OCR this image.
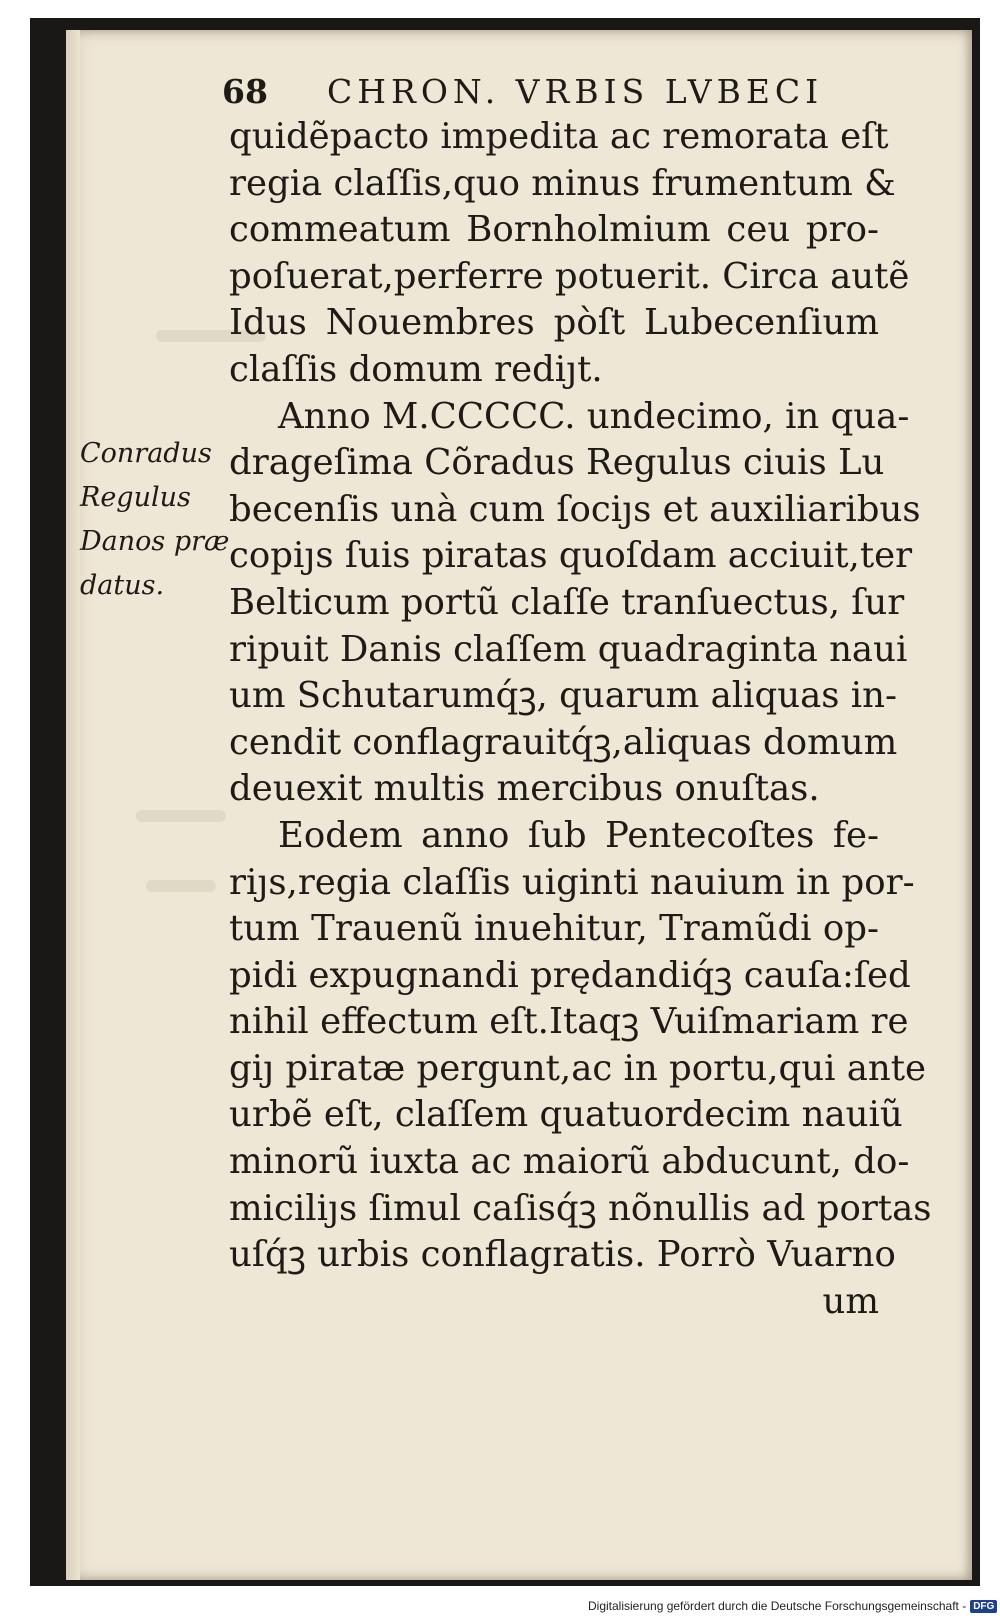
68 CHRON. VRBIS LVBECI
Conradus
Regulus
Danos præ
datus.
quidẽpacto impedita ac remorata eſt
regia claſſis,quo minus frumentum &
commeatum Bornholmium ceu pro-
poſuerat,perferre potuerit. Circa autẽ
Idus Nouembres pòſt Lubecenſium
claſſis domum rediȷt.
Anno M.CCCCC. undecimo, in qua-
drageſima Cõradus Regulus ciuis Lu
becenſis unà cum ſociȷs et auxiliaribus
copiȷs ſuis piratas quoſdam acciuit,ter
Belticum portũ claſſe tranſuectus, ſur
ripuit Danis claſſem quadraginta naui
um Schutarumq́ꝫ, quarum aliquas in-
cendit conflagrauitq́ꝫ,aliquas domum
deuexit multis mercibus onuſtas.
Eodem anno ſub Pentecoſtes fe-
riȷs,regia claſſis uiginti nauium in por-
tum Trauenũ inuehitur, Tramũdi op-
pidi expugnandi prędandiq́ꝫ cauſa:ſed
nihil effectum eſt.Itaqꝫ Vuiſmariam re
giȷ piratæ pergunt,ac in portu,qui ante
urbẽ eſt, claſſem quatuordecim nauiũ
minorũ iuxta ac maiorũ abducunt, do-
miciliȷs ſimul caſisq́ꝫ nõnullis ad portas
uſq́ꝫ urbis conflagratis. Porrò Vuarno
um
Digitalisierung gefördert durch die Deutsche Forschungsgemeinschaft - DFG
